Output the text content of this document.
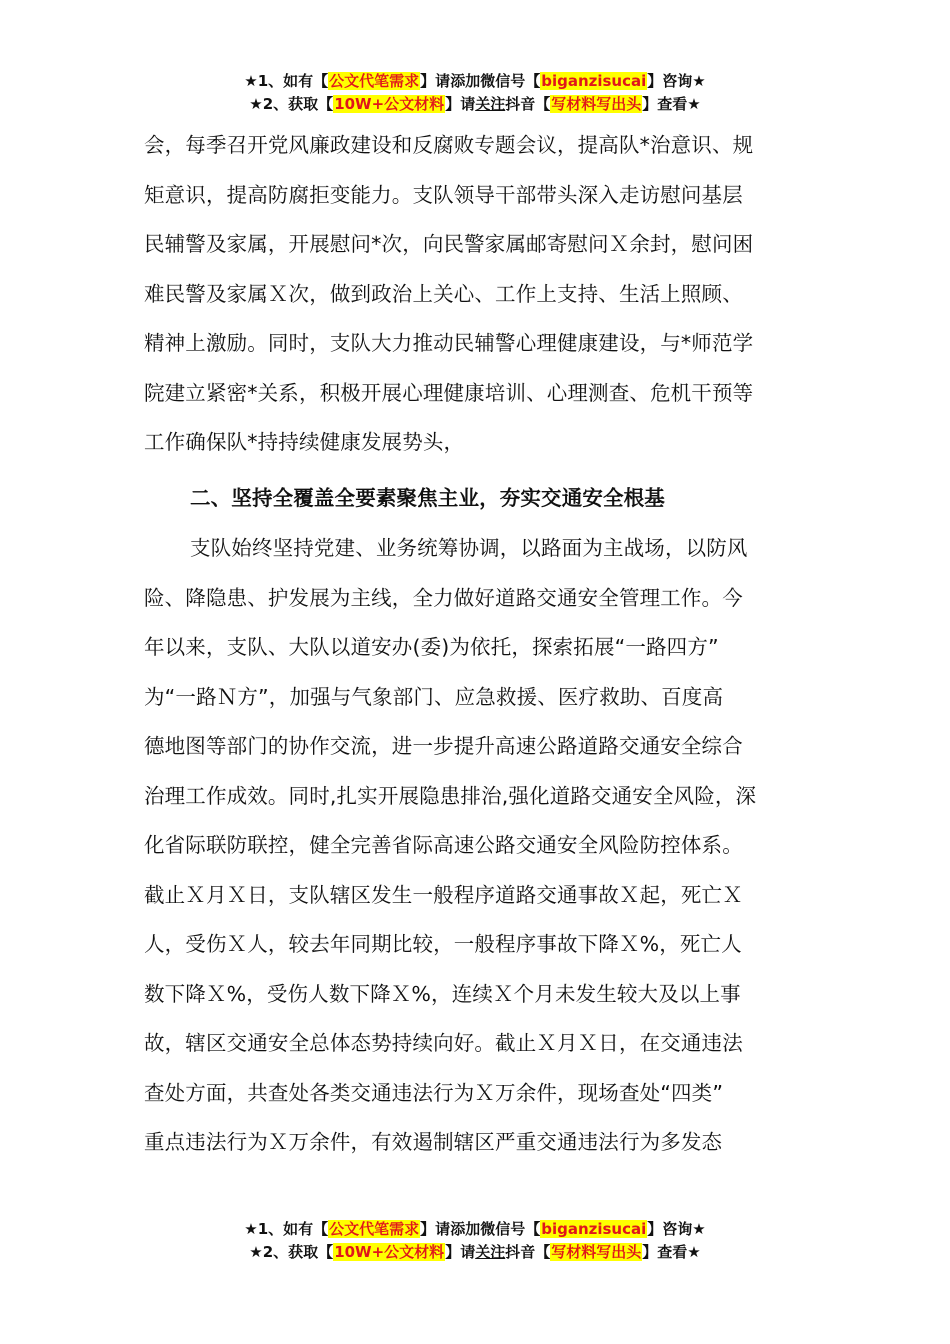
★1、如有【公文代笔需求】请添加微信号【biganzisucai】咨询★
★2、获取【10W+公文材料】请关注抖音【写材料写出头】查看★
会，每季召开党风廉政建设和反腐败专题会议，提高队*治意识、规
矩意识，提高防腐拒变能力。支队领导干部带头深入走访慰问基层
民辅警及家属，开展慰问*次，向民警家属邮寄慰问Ｘ余封，慰问困
难民警及家属Ｘ次，做到政治上关心、工作上支持、生活上照顾、
精神上激励。同时，支队大力推动民辅警心理健康建设，与*师范学
院建立紧密*关系，积极开展心理健康培训、心理测查、危机干预等
工作确保队*持持续健康发展势头，
二、坚持全覆盖全要素聚焦主业，夯实交通安全根基
支队始终坚持党建、业务统筹协调，以路面为主战场，以防风
险、降隐患、护发展为主线，全力做好道路交通安全管理工作。今
年以来，支队、大队以道安办(委)为依托，探索拓展“一路四方”
为“一路Ｎ方”，加强与气象部门、应急救援、医疗救助、百度高
德地图等部门的协作交流，进一步提升高速公路道路交通安全综合
治理工作成效。同时,扎实开展隐患排治,强化道路交通安全风险，深
化省际联防联控，健全完善省际高速公路交通安全风险防控体系。
截止Ｘ月Ｘ日，支队辖区发生一般程序道路交通事故Ｘ起，死亡Ｘ
人，受伤Ｘ人，较去年同期比较，一般程序事故下降Ｘ%，死亡人
数下降Ｘ%，受伤人数下降Ｘ%，连续Ｘ个月未发生较大及以上事
故，辖区交通安全总体态势持续向好。截止Ｘ月Ｘ日，在交通违法
查处方面，共查处各类交通违法行为Ｘ万余件，现场查处“四类”
重点违法行为Ｘ万余件，有效遏制辖区严重交通违法行为多发态
★1、如有【公文代笔需求】请添加微信号【biganzisucai】咨询★
★2、获取【10W+公文材料】请关注抖音【写材料写出头】查看★
